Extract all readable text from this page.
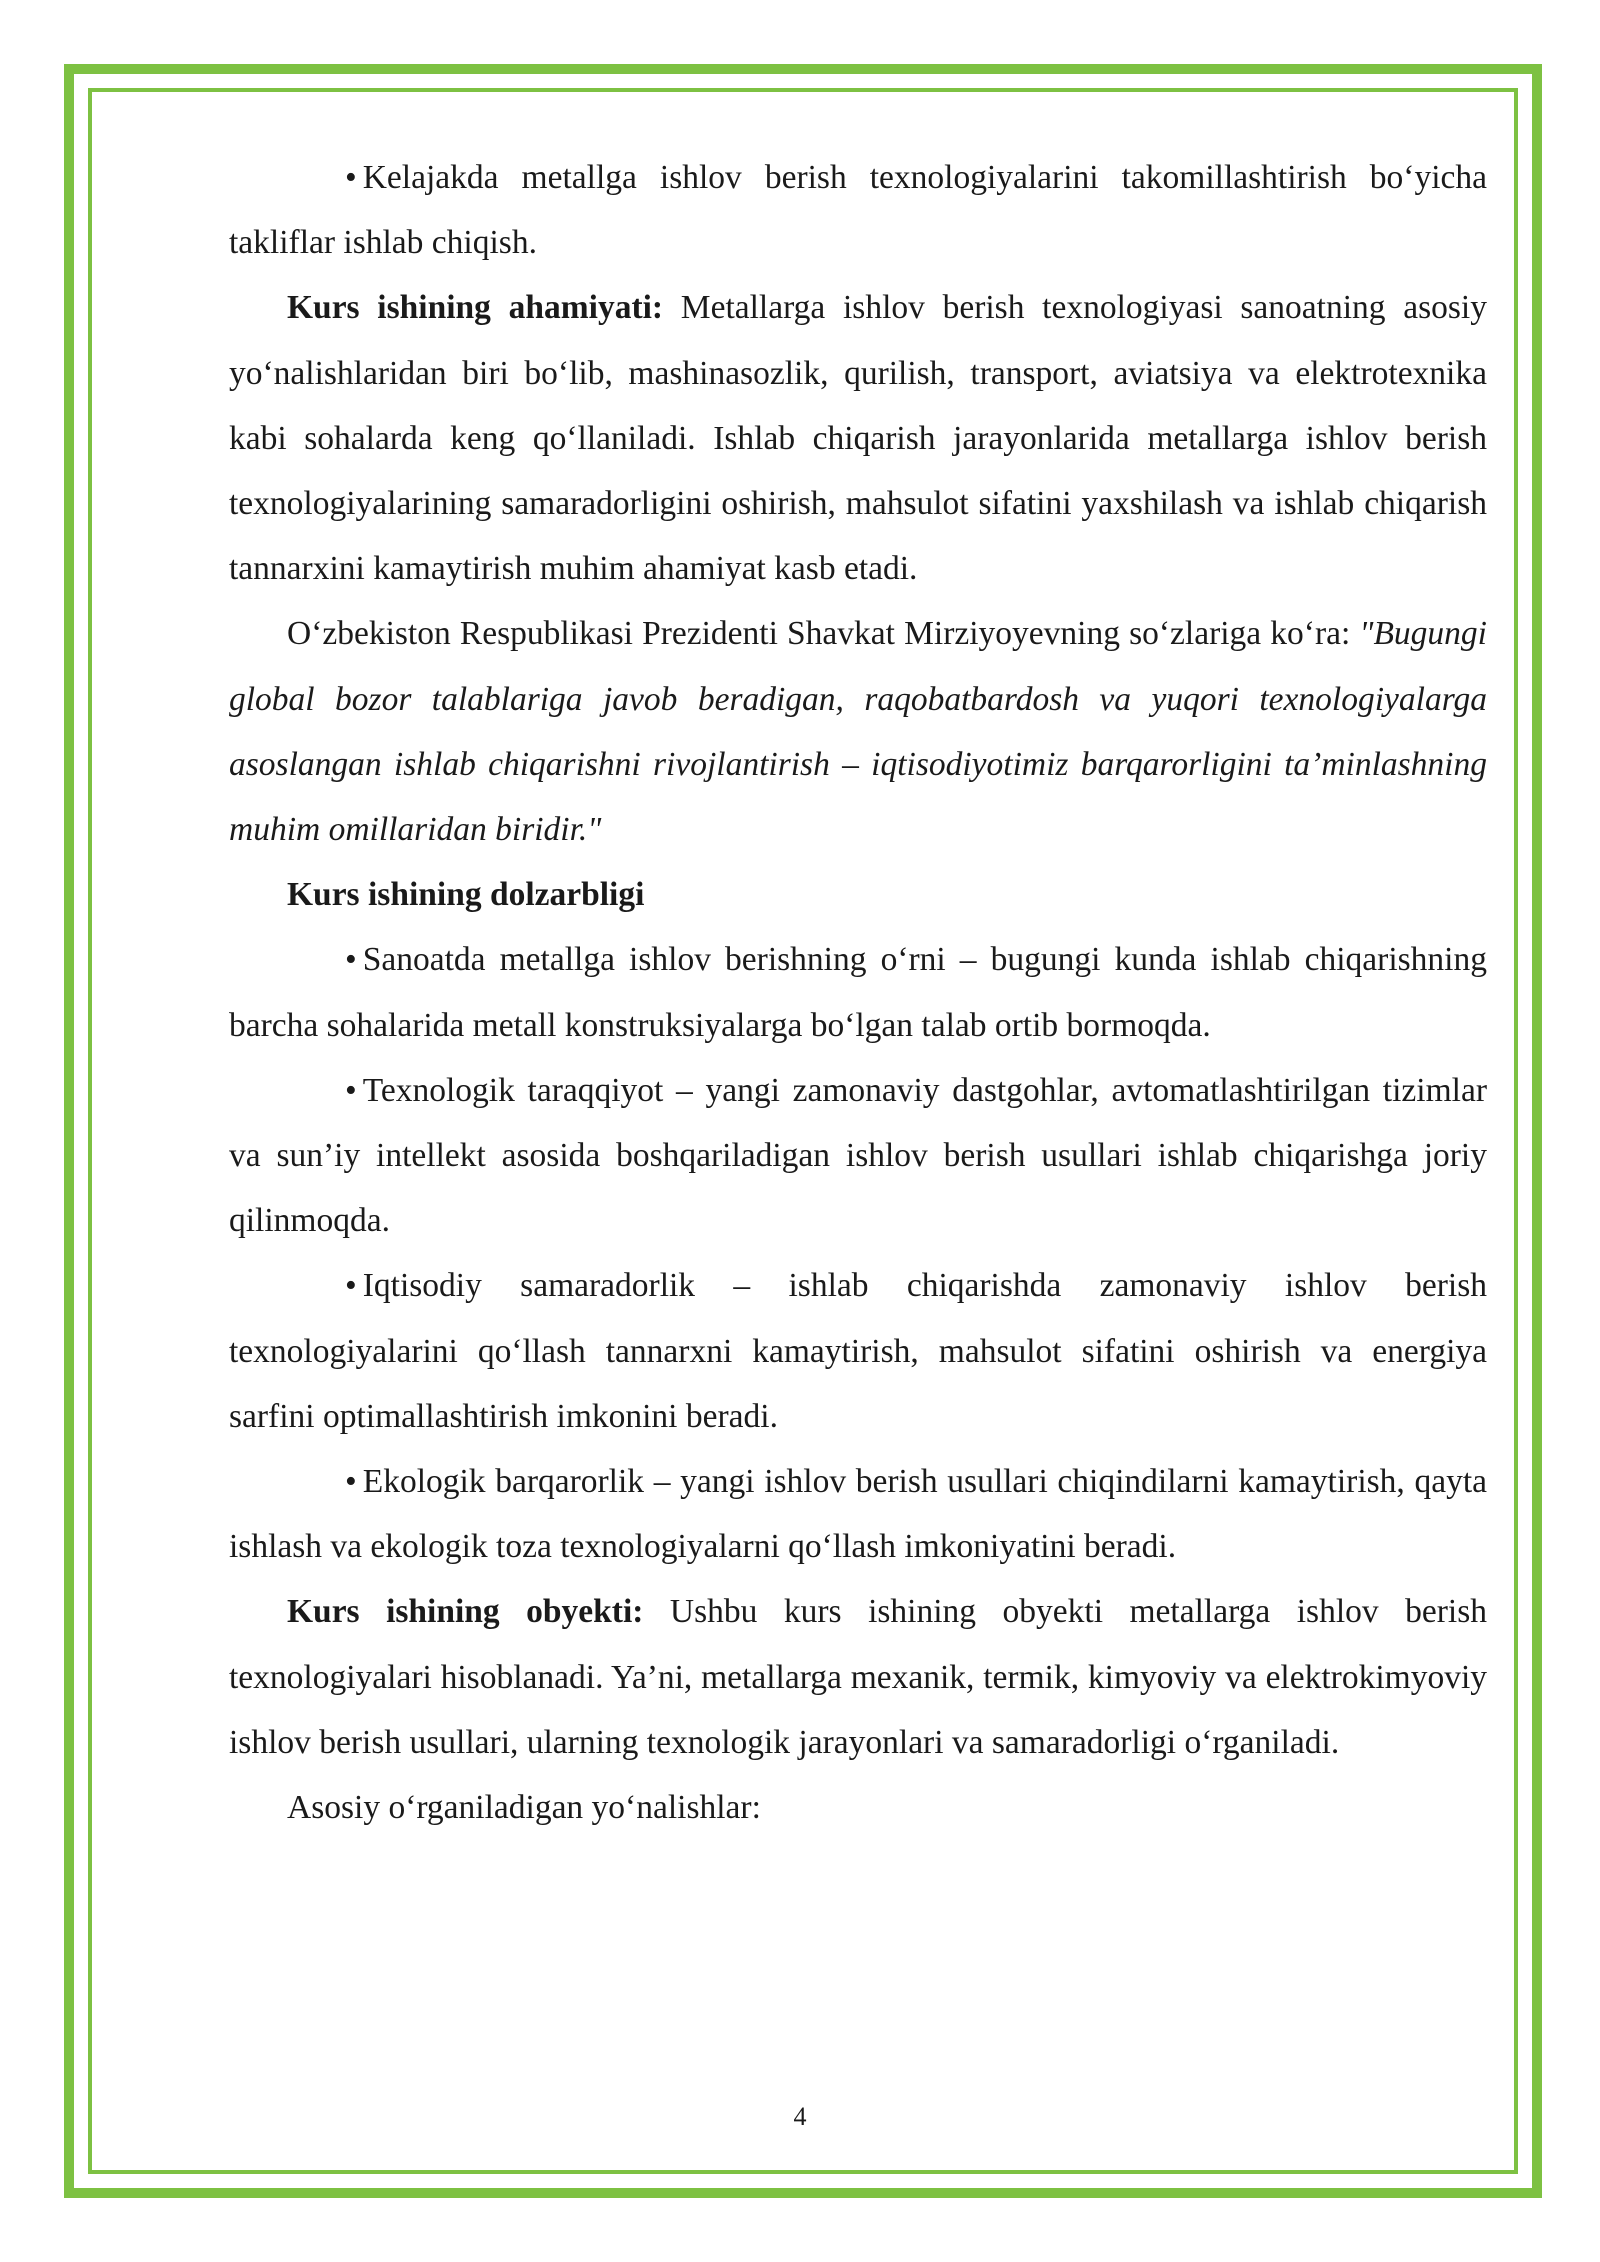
• Kelajakda metallga ishlov berish texnologiyalarini takomillashtirish bo‘yicha takliflar ishlab chiqish.

Kurs ishining ahamiyati: Metallarga ishlov berish texnologiyasi sanoatning asosiy yo‘nalishlaridan biri bo‘lib, mashinasozlik, qurilish, transport, aviatsiya va elektrotexnika kabi sohalarda keng qo‘llaniladi. Ishlab chiqarish jarayonlarida metallarga ishlov berish texnologiyalarining samaradorligini oshirish, mahsulot sifatini yaxshilash va ishlab chiqarish tannarxini kamaytirish muhim ahamiyat kasb etadi.

O‘zbekiston Respublikasi Prezidenti Shavkat Mirziyoyevning so‘zlariga ko‘ra: "Bugungi global bozor talablariga javob beradigan, raqobatbardosh va yuqori texnologiyalarga asoslangan ishlab chiqarishni rivojlantirish – iqtisodiyotimiz barqarorligini ta’minlashning muhim omillaridan biridir."

Kurs ishining dolzarbligi

• Sanoatda metallga ishlov berishning o‘rni – bugungi kunda ishlab chiqarishning barcha sohalarida metall konstruksiyalarga bo‘lgan talab ortib bormoqda.

• Texnologik taraqqiyot – yangi zamonaviy dastgohlar, avtomatlashtirilgan tizimlar va sun’iy intellekt asosida boshqariladigan ishlov berish usullari ishlab chiqarishga joriy qilinmoqda.

• Iqtisodiy samaradorlik – ishlab chiqarishda zamonaviy ishlov berish texnologiyalarini qo‘llash tannarxni kamaytirish, mahsulot sifatini oshirish va energiya sarfini optimallashtirish imkonini beradi.

• Ekologik barqarorlik – yangi ishlov berish usullari chiqindilarni kamaytirish, qayta ishlash va ekologik toza texnologiyalarni qo‘llash imkoniyatini beradi.

Kurs ishining obyekti: Ushbu kurs ishining obyekti metallarga ishlov berish texnologiyalari hisoblanadi. Ya’ni, metallarga mexanik, termik, kimyoviy va elektrokimyoviy ishlov berish usullari, ularning texnologik jarayonlari va samaradorligi o‘rganiladi.

Asosiy o‘rganiladigan yo‘nalishlar:

4
